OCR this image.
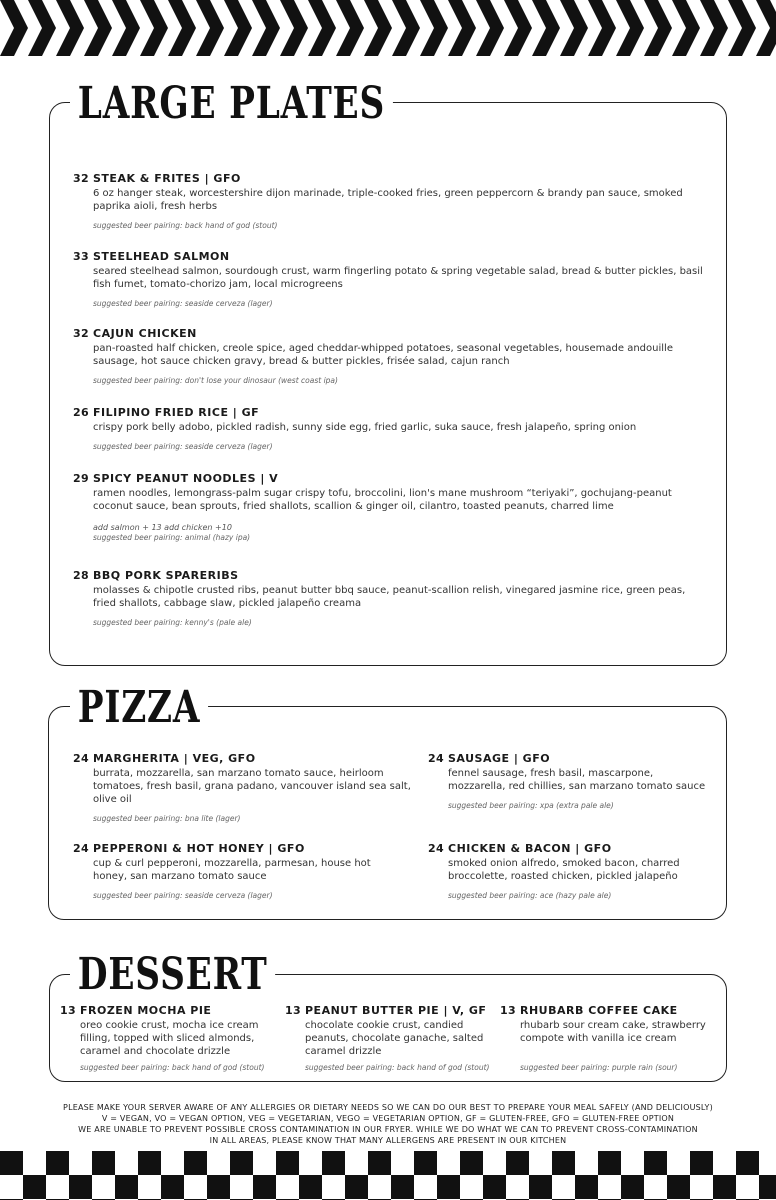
LARGE PLATES
32 STEAK & FRITES | GFO
6 oz hanger steak, worcestershire dijon marinade, triple-cooked fries, green peppercorn & brandy pan sauce, smoked paprika aioli, fresh herbs
suggested beer pairing: back hand of god (stout)
33 STEELHEAD SALMON
seared steelhead salmon, sourdough crust, warm fingerling potato & spring vegetable salad, bread & butter pickles, basil fish fumet, tomato-chorizo jam, local microgreens
suggested beer pairing: seaside cerveza (lager)
32 CAJUN CHICKEN
pan-roasted half chicken, creole spice, aged cheddar-whipped potatoes, seasonal vegetables, housemade andouille sausage, hot sauce chicken gravy, bread & butter pickles, frisée salad, cajun ranch
suggested beer pairing: don't lose your dinosaur (west coast ipa)
26 FILIPINO FRIED RICE | GF
crispy pork belly adobo, pickled radish, sunny side egg, fried garlic, suka sauce, fresh jalapeño, spring onion
suggested beer pairing: seaside cerveza (lager)
29 SPICY PEANUT NOODLES | V
ramen noodles, lemongrass-palm sugar crispy tofu, broccolini, lion's mane mushroom “teriyaki”, gochujang-peanut coconut sauce, bean sprouts, fried shallots, scallion & ginger oil, cilantro, toasted peanuts, charred lime
add salmon + 13 add chicken +10
suggested beer pairing: animal (hazy ipa)
28 BBQ PORK SPARERIBS
molasses & chipotle crusted ribs, peanut butter bbq sauce, peanut-scallion relish, vinegared jasmine rice, green peas, fried shallots, cabbage slaw, pickled jalapeño creama
suggested beer pairing: kenny's (pale ale)
PIZZA
24 MARGHERITA | VEG, GFO
burrata, mozzarella, san marzano tomato sauce, heirloom tomatoes, fresh basil, grana padano, vancouver island sea salt, olive oil
suggested beer pairing: bna lite (lager)
24 SAUSAGE | GFO
fennel sausage, fresh basil, mascarpone, mozzarella, red chillies, san marzano tomato sauce
suggested beer pairing: xpa (extra pale ale)
24 PEPPERONI & HOT HONEY | GFO
cup & curl pepperoni, mozzarella, parmesan, house hot honey, san marzano tomato sauce
suggested beer pairing: seaside cerveza (lager)
24 CHICKEN & BACON | GFO
smoked onion alfredo, smoked bacon, charred broccolette, roasted chicken, pickled jalapeño
suggested beer pairing: ace (hazy pale ale)
DESSERT
13 FROZEN MOCHA PIE
oreo cookie crust, mocha ice cream filling, topped with sliced almonds, caramel and chocolate drizzle
suggested beer pairing: back hand of god (stout)
13 PEANUT BUTTER PIE | V, GF
chocolate cookie crust, candied peanuts, chocolate ganache, salted caramel drizzle
suggested beer pairing: back hand of god (stout)
13 RHUBARB COFFEE CAKE
rhubarb sour cream cake, strawberry compote with vanilla ice cream
suggested beer pairing: purple rain (sour)
PLEASE MAKE YOUR SERVER AWARE OF ANY ALLERGIES OR DIETARY NEEDS SO WE CAN DO OUR BEST TO PREPARE YOUR MEAL SAFELY (AND DELICIOUSLY)
V = VEGAN, VO = VEGAN OPTION, VEG = VEGETARIAN, VEGO = VEGETARIAN OPTION, GF = GLUTEN-FREE, GFO = GLUTEN-FREE OPTION
WE ARE UNABLE TO PREVENT POSSIBLE CROSS CONTAMINATION IN OUR FRYER. WHILE WE DO WHAT WE CAN TO PREVENT CROSS-CONTAMINATION
IN ALL AREAS, PLEASE KNOW THAT MANY ALLERGENS ARE PRESENT IN OUR KITCHEN
